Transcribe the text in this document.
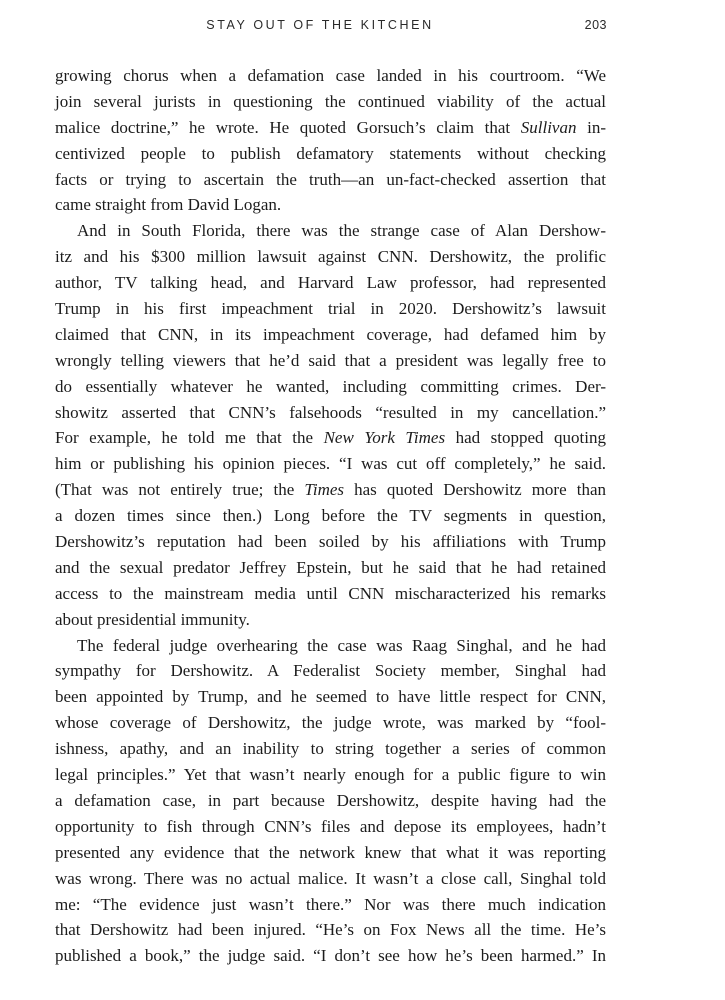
STAY OUT OF THE KITCHEN	203
growing chorus when a defamation case landed in his courtroom. “We
join several jurists in questioning the continued viability of the actual
malice doctrine,” he wrote. He quoted Gorsuch’s claim that Sullivan in-
centivized people to publish defamatory statements without checking
facts or trying to ascertain the truth—an un-fact-checked assertion that
came straight from David Logan.
And in South Florida, there was the strange case of Alan Dershow-
itz and his $300 million lawsuit against CNN. Dershowitz, the prolific
author, TV talking head, and Harvard Law professor, had represented
Trump in his first impeachment trial in 2020. Dershowitz’s lawsuit
claimed that CNN, in its impeachment coverage, had defamed him by
wrongly telling viewers that he’d said that a president was legally free to
do essentially whatever he wanted, including committing crimes. Der-
showitz asserted that CNN’s falsehoods “resulted in my cancellation.”
For example, he told me that the New York Times had stopped quoting
him or publishing his opinion pieces. “I was cut off completely,” he said.
(That was not entirely true; the Times has quoted Dershowitz more than
a dozen times since then.) Long before the TV segments in question,
Dershowitz’s reputation had been soiled by his affiliations with Trump
and the sexual predator Jeffrey Epstein, but he said that he had retained
access to the mainstream media until CNN mischaracterized his remarks
about presidential immunity.
The federal judge overhearing the case was Raag Singhal, and he had
sympathy for Dershowitz. A Federalist Society member, Singhal had
been appointed by Trump, and he seemed to have little respect for CNN,
whose coverage of Dershowitz, the judge wrote, was marked by “fool-
ishness, apathy, and an inability to string together a series of common
legal principles.” Yet that wasn’t nearly enough for a public figure to win
a defamation case, in part because Dershowitz, despite having had the
opportunity to fish through CNN’s files and depose its employees, hadn’t
presented any evidence that the network knew that what it was reporting
was wrong. There was no actual malice. It wasn’t a close call, Singhal told
me: “The evidence just wasn’t there.” Nor was there much indication
that Dershowitz had been injured. “He’s on Fox News all the time. He’s
published a book,” the judge said. “I don’t see how he’s been harmed.” In
